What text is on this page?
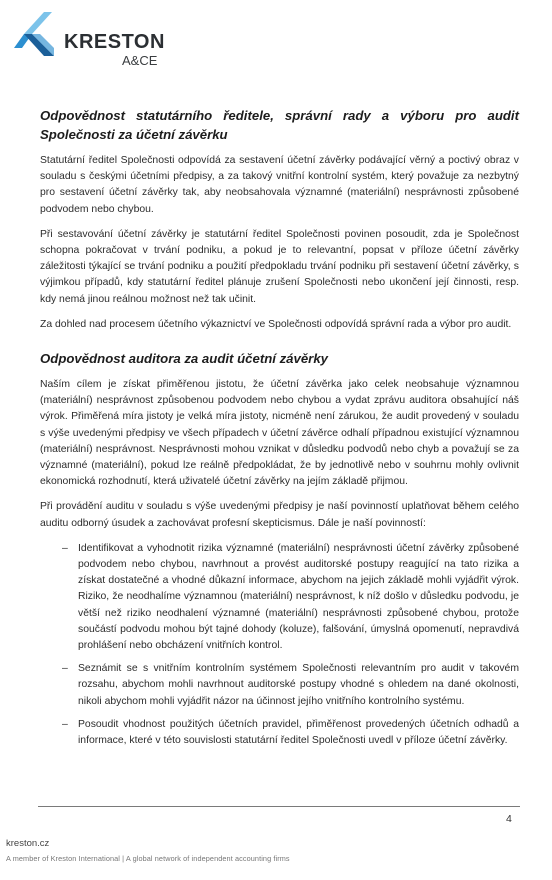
KRESTON
A&CE
Odpovědnost statutárního ředitele, správní rady a výboru pro audit Společnosti za účetní závěrku

Statutární ředitel Společnosti odpovídá za sestavení účetní závěrky podávající věrný a poctivý obraz v souladu s českými účetními předpisy, a za takový vnitřní kontrolní systém, který považuje za nezbytný pro sestavení účetní závěrky tak, aby neobsahovala významné (materiální) nesprávnosti způsobené podvodem nebo chybou.

Při sestavování účetní závěrky je statutární ředitel Společnosti povinen posoudit, zda je Společnost schopna pokračovat v trvání podniku, a pokud je to relevantní, popsat v příloze účetní závěrky záležitosti týkající se trvání podniku a použití předpokladu trvání podniku při sestavení účetní závěrky, s výjimkou případů, kdy statutární ředitel plánuje zrušení Společnosti nebo ukončení její činnosti, resp. kdy nemá jinou reálnou možnost než tak učinit.

Za dohled nad procesem účetního výkaznictví ve Společnosti odpovídá správní rada a výbor pro audit.

Odpovědnost auditora za audit účetní závěrky

Naším cílem je získat přiměřenou jistotu, že účetní závěrka jako celek neobsahuje významnou (materiální) nesprávnost způsobenou podvodem nebo chybou a vydat zprávu auditora obsahující náš výrok. Přiměřená míra jistoty je velká míra jistoty, nicméně není zárukou, že audit provedený v souladu s výše uvedenými předpisy ve všech případech v účetní závěrce odhalí případnou existující významnou (materiální) nesprávnost. Nesprávnosti mohou vznikat v důsledku podvodů nebo chyb a považují se za významné (materiální), pokud lze reálně předpokládat, že by jednotlivě nebo v souhrnu mohly ovlivnit ekonomická rozhodnutí, která uživatelé účetní závěrky na jejím základě přijmou.

Při provádění auditu v souladu s výše uvedenými předpisy je naší povinností uplatňovat během celého auditu odborný úsudek a zachovávat profesní skepticismus. Dále je naší povinností:

– Identifikovat a vyhodnotit rizika významné (materiální) nesprávnosti účetní závěrky způsobené podvodem nebo chybou, navrhnout a provést auditorské postupy reagující na tato rizika a získat dostatečné a vhodné důkazní informace, abychom na jejich základě mohli vyjádřit výrok. Riziko, že neodhalíme významnou (materiální) nesprávnost, k níž došlo v důsledku podvodu, je větší než riziko neodhalení významné (materiální) nesprávnosti způsobené chybou, protože součástí podvodu mohou být tajné dohody (koluze), falšování, úmyslná opomenutí, nepravdivá prohlášení nebo obcházení vnitřních kontrol.
– Seznámit se s vnitřním kontrolním systémem Společnosti relevantním pro audit v takovém rozsahu, abychom mohli navrhnout auditorské postupy vhodné s ohledem na dané okolnosti, nikoli abychom mohli vyjádřit názor na účinnost jejího vnitřního kontrolního systému.
– Posoudit vhodnost použitých účetních pravidel, přiměřenost provedených účetních odhadů a informace, které v této souvislosti statutární ředitel Společnosti uvedl v příloze účetní závěrky.
4
kreston.cz
A member of Kreston International | A global network of independent accounting firms
